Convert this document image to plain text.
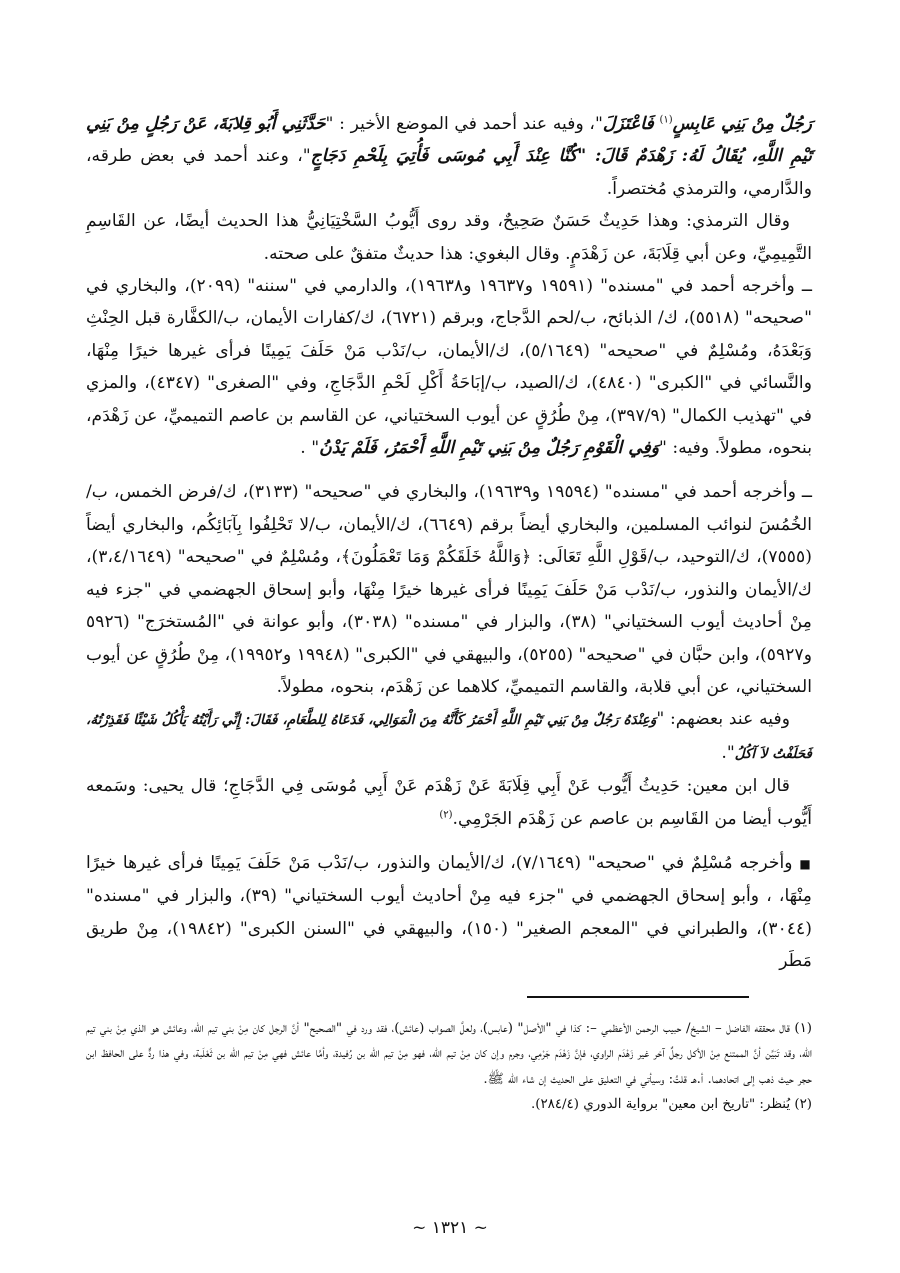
رَجُلٌ مِنْ بَنِي عَابِسٍ$^{(١)}$ فَاعْتَزَلَ"، وفيه عند أحمد في الموضع الأخير : "حَدَّثَنِي أَبُو قِلابَةَ، عَنْ رَجُلٍ مِنْ بَنِي تَيْمِ اللَّهِ، يُقَالُ لَهُ: زَهْدَمٌ قَالَ: "كُنَّا عِنْدَ أَبِي مُوسَى فَأُتِيَ بِلَحْمِ دَجَاجٍ"، وعند أحمد في بعض طرقه، والدَّارمي، والترمذي مُختصراً.

وقال الترمذي: وهذا حَدِيثٌ حَسَنٌ صَحِيحٌ، وقد روى أَيُّوبُ السَّخْتِيَانِيُّ هذا الحديث أيضًا، عن القَاسِمِ التَّمِيمِيِّ، وعن أبي قِلَابَةَ، عن زَهْدَمٍ. وقال البغوي: هذا حديثٌ متفقٌ على صحته.

ــ وأخرجه أحمد في "مسنده" (١٩٥٩١ و١٩٦٣٧ و١٩٦٣٨)، والدارمي في "سننه" (٢٠٩٩)، والبخاري في "صحيحه" (٥٥١٨)، ك/ الذبائح، ب/لحم الدَّجاج، وبرقم (٦٧٢١)، ك/كفارات الأيمان، ب/الكفَّارة قبل الحِنْثِ وَبَعْدَهُ، ومُسْلِمٌ في "صحيحه" (٥/١٦٤٩)، ك/الأيمان، ب/نَدْب مَنْ حَلَفَ يَمِينًا فرأى غيرها خيرًا مِنْهَا، والنَّسائي في "الكبرى" (٤٨٤٠)، ك/الصيد، ب/إبَاحَةُ أَكْلِ لَحْمِ الدَّجَاجِ، وفي "الصغرى" (٤٣٤٧)، والمزي في "تهذيب الكمال" (٣٩٧/٩)، مِنْ طُرُقٍ عن أيوب السختياني، عن القاسم بن عاصم التميميِّ، عن زَهْدَم، بنحوه، مطولاً. وفيه: "وَفِي الْقَوْمِ رَجُلٌ مِنْ بَنِي تَيْمِ اللَّهِ أَحْمَرُ، فَلَمْ يَدْنُ" .

ــ وأخرجه أحمد في "مسنده" (١٩٥٩٤ و١٩٦٣٩)، والبخاري في "صحيحه" (٣١٣٣)، ك/فرض الخمس، ب/الخُمُسَ لنوائب المسلمين، والبخاري أيضاً برقم (٦٦٤٩)، ك/الأيمان، ب/لا تَحْلِفُوا بِآبَائِكُم، والبخاري أيضاً (٧٥٥٥)، ك/التوحيد، ب/قَوْلِ اللَّهِ تَعَالَى: ﴿وَاللَّهُ خَلَقَكُمْ وَمَا تَعْمَلُونَ﴾، ومُسْلِمٌ في "صحيحه" (٣،٤/١٦٤٩)، ك/الأيمان والنذور، ب/نَدْب مَنْ حَلَفَ يَمِينًا فرأى غيرها خيرًا مِنْهَا، وأبو إسحاق الجهضمي في "جزء فيه مِنْ أحاديث أيوب السختياني" (٣٨)، والبزار في "مسنده" (٣٠٣٨)، وأبو عوانة في "المُستخرَج" (٥٩٢٦ و٥٩٢٧)، وابن حبَّان في "صحيحه" (٥٢٥٥)، والبيهقي في "الكبرى" (١٩٩٤٨ و١٩٩٥٢)، مِنْ طُرُقٍ عن أيوب السختياني، عن أبي قلابة، والقاسم التميميِّ، كلاهما عن زَهْدَم، بنحوه، مطولاً.

وفيه عند بعضهم: "وَعِنْدَهُ رَجُلٌ مِنْ بَنِي تَيْمِ اللَّهِ أَحْمَرُ كَأَنَّهُ مِنَ الْمَوَالِي، فَدَعَاهُ لِلطَّعَامِ، فَقَالَ: إِنِّي رَأَيْتُهُ يَأْكُلُ شَيْئًا فَقَذِرْتُهُ، فَحَلَفْتُ لاَ آكُلُ".

قال ابن معين: حَدِيثُ أَيُّوب عَنْ أَبِي قِلَابَةَ عَنْ زَهْدَم عَنْ أَبِي مُوسَى فِي الدَّجَاجِ؛ قال يحيى: وسَمعه أَيُّوب أيضا من القَاسِم بن عاصم عن زَهْدَم الجَرْمِي.$^{(٢)}$

■ وأخرجه مُسْلِمٌ في "صحيحه" (٧/١٦٤٩)، ك/الأيمان والنذور، ب/نَدْب مَنْ حَلَفَ يَمِينًا فرأى غيرها خيرًا مِنْهَا، ، وأبو إسحاق الجهضمي في "جزء فيه مِنْ أحاديث أيوب السختياني" (٣٩)، والبزار في "مسنده" (٣٠٤٤)، والطبراني في "المعجم الصغير" (١٥٠)، والبيهقي في "السنن الكبرى" (١٩٨٤٢)، مِنْ طريق مَطَر

(١) قال محققه الفاضل – الشيخ/ حبيب الرحمن الأعظمي –: كذا في "الأصل" (عابس)، ولعلَّ الصواب (عائش)، فقد ورد في "الصحيح" أنَّ الرجل كان مِنْ بني تيم الله، وعائش هو الذي مِنْ بني تيم الله، وقد تَبَيَّن أنَّ الممتنع مِنْ الأكل رجلٌ آخر غير زَهْدَم الراوي، فإنَّ زَهْدَم جَرْمِي، وجرم وإن كان مِنْ تيم الله، فهو مِنْ تيم الله بن رُفيدة، وأمَّا عائش فهي مِنْ تيم الله بن ثَعْلَبة، وفي هذا ردٌّ على الحافظ ابن حجر حيث ذهب إلى اتحادهما. أ.هـ قلتُ: وسيأتي في التعليق على الحديث إن شاء الله ﷺ.

(٢) يُنظر: "تاريخ ابن معين" برواية الدوري (٢٨٤/٤).

~ ١٣٢١ ~
